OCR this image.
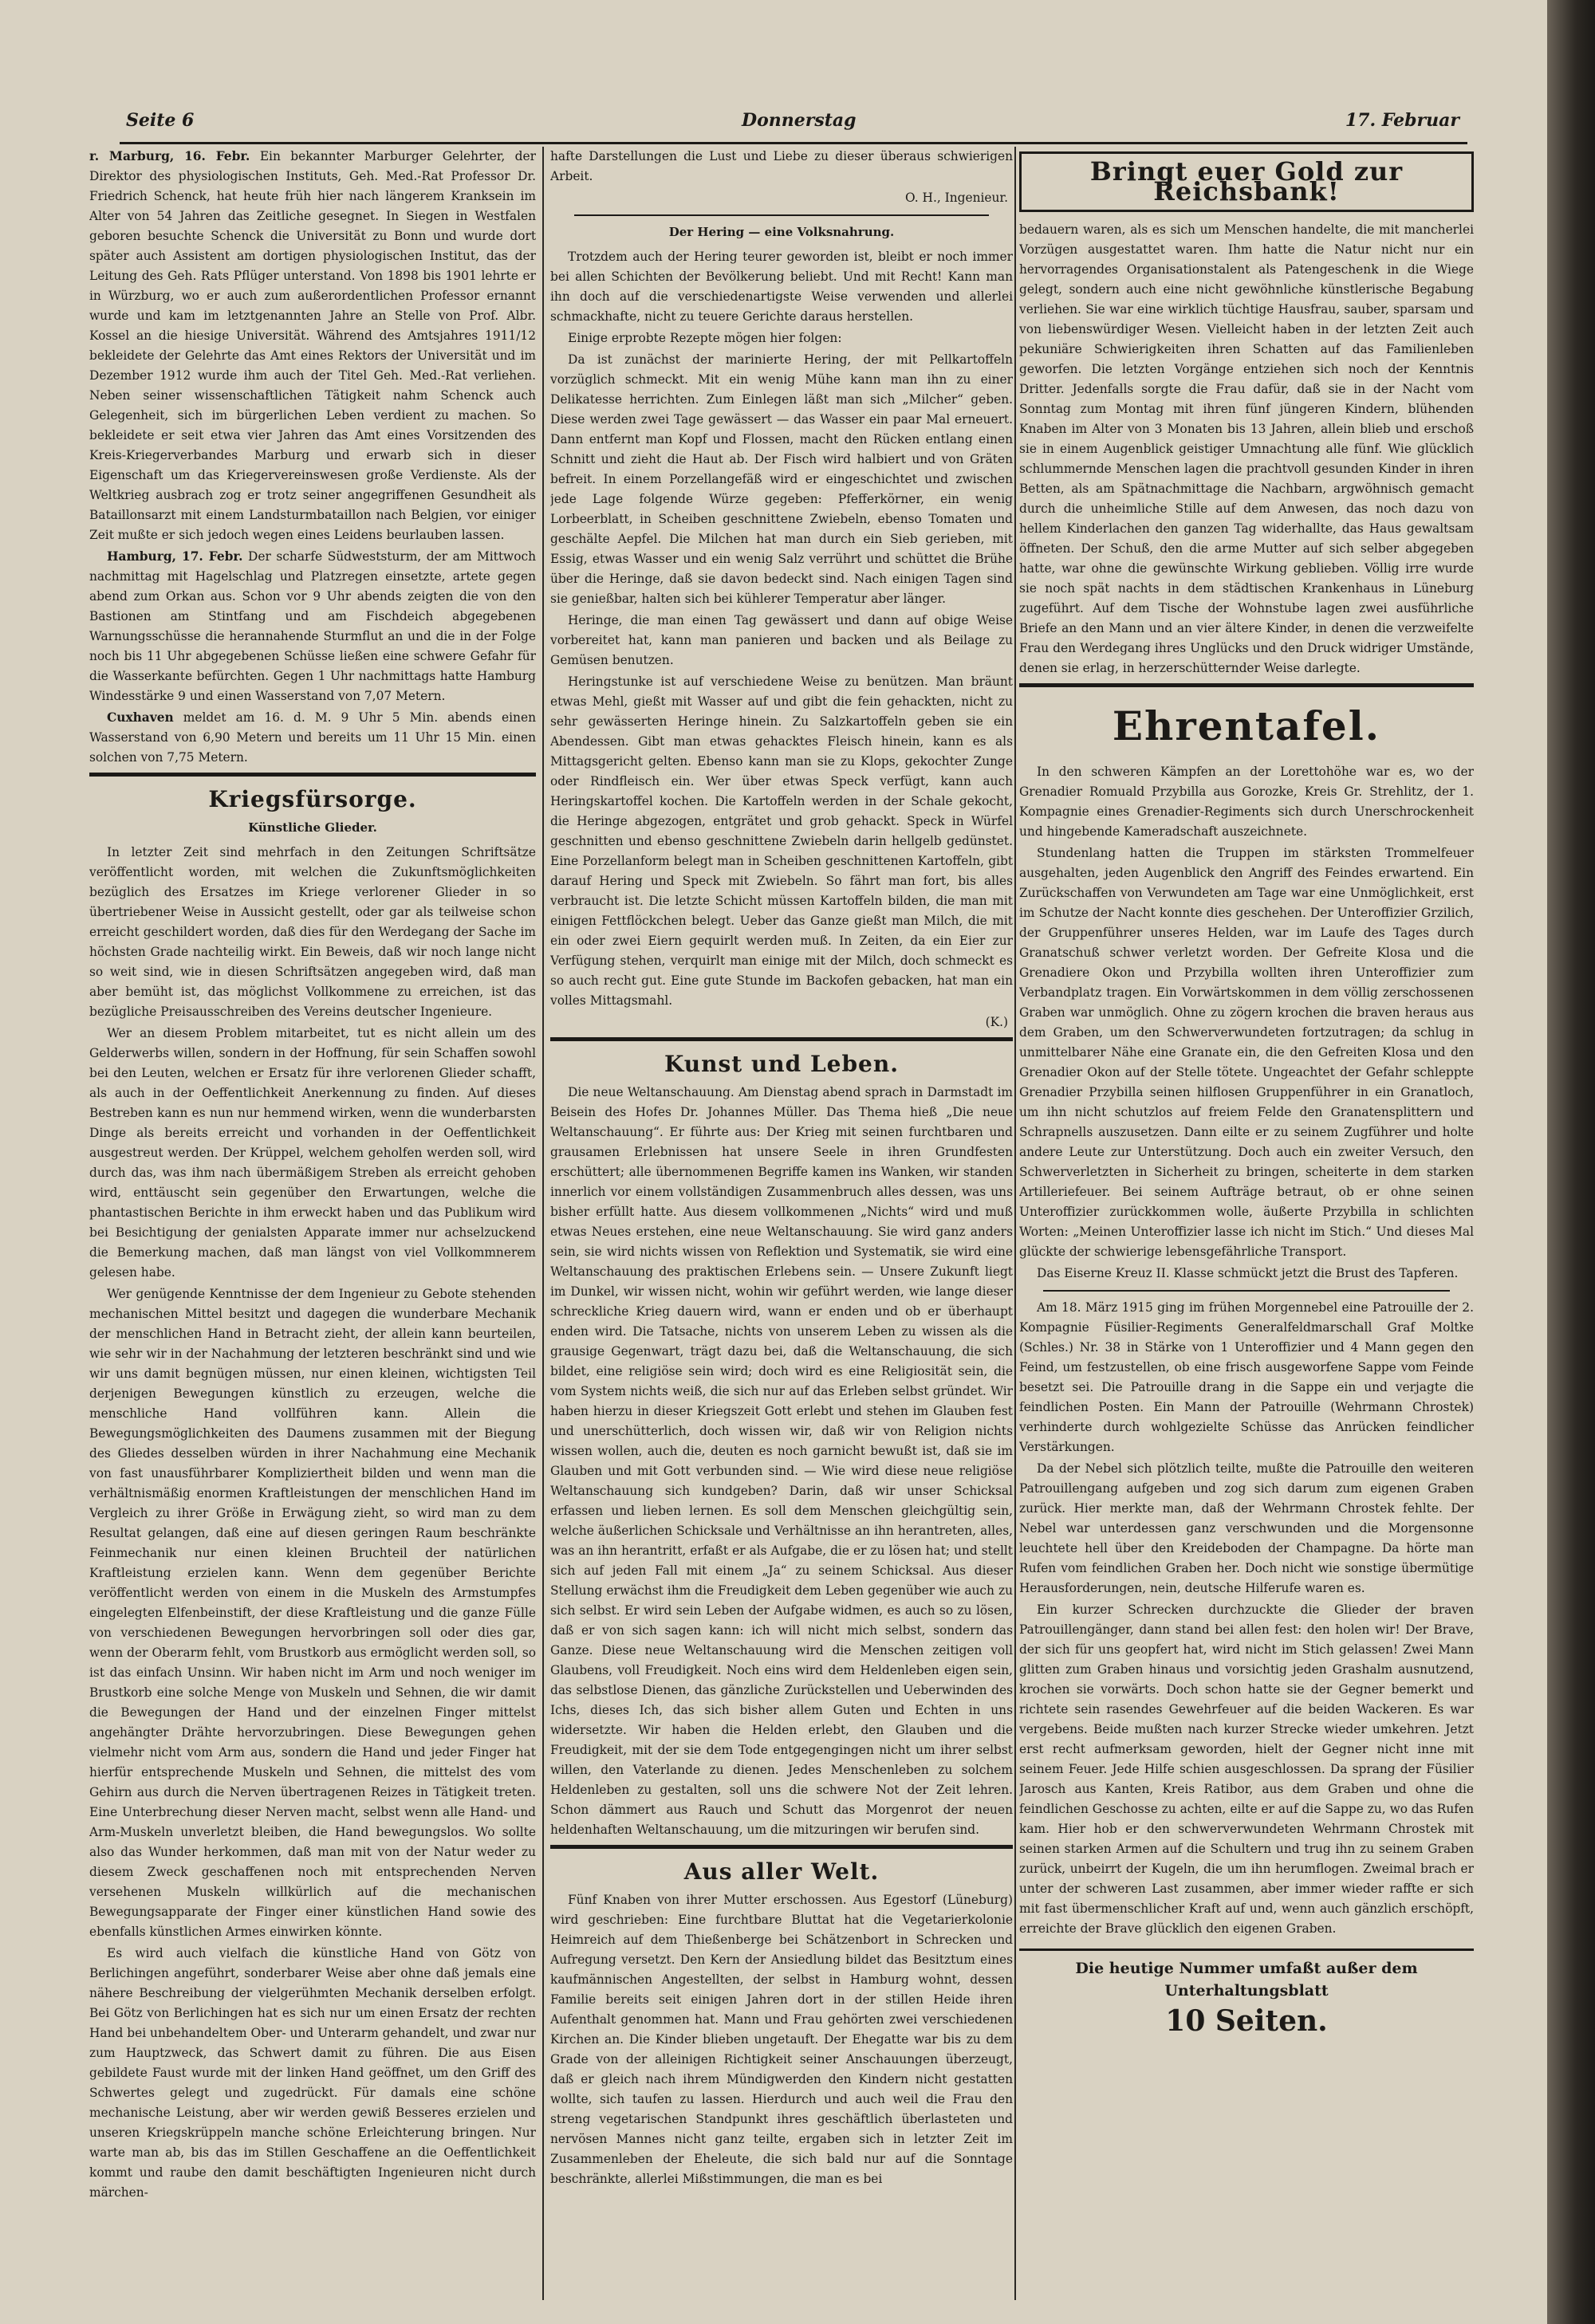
Seite 6	Donnerstag	17. Februar

r. Marburg, 16. Febr. Ein bekannter Marburger Gelehrter, der Direktor des physiologischen Instituts, Geh. Med.-Rat Professor Dr. Friedrich Schenck, hat heute früh hier nach längerem Kranksein im Alter von 54 Jahren das Zeitliche gesegnet. In Siegen in Westfalen geboren besuchte Schenck die Universität zu Bonn und wurde dort später auch Assistent am dortigen physiologischen Institut, das der Leitung des Geh. Rats Pflüger unterstand. Von 1898 bis 1901 lehrte er in Würzburg, wo er auch zum außerordentlichen Professor ernannt wurde und kam im letztgenannten Jahre an Stelle von Prof. Albr. Kossel an die hiesige Universität. Während des Amtsjahres 1911/12 bekleidete der Gelehrte das Amt eines Rektors der Universität und im Dezember 1912 wurde ihm auch der Titel Geh. Med.-Rat verliehen. Neben seiner wissenschaftlichen Tätigkeit nahm Schenck auch Gelegenheit, sich im bürgerlichen Leben verdient zu machen. So bekleidete er seit etwa vier Jahren das Amt eines Vorsitzenden des Kreis-Kriegerverbandes Marburg und erwarb sich in dieser Eigenschaft um das Kriegervereinswesen große Verdienste. Als der Weltkrieg ausbrach zog er trotz seiner angegriffenen Gesundheit als Bataillonsarzt mit einem Landsturmbataillon nach Belgien, vor einiger Zeit mußte er sich jedoch wegen eines Leidens beurlauben lassen.

Hamburg, 17. Febr. Der scharfe Südweststurm, der am Mittwoch nachmittag mit Hagelschlag und Platzregen einsetzte, artete gegen abend zum Orkan aus. Schon vor 9 Uhr abends zeigten die von den Bastionen am Stintfang und am Fischdeich abgegebenen Warnungsschüsse die herannahende Sturmflut an und die in der Folge noch bis 11 Uhr abgegebenen Schüsse ließen eine schwere Gefahr für die Wasserkante befürchten. Gegen 1 Uhr nachmittags hatte Hamburg Windesstärke 9 und einen Wasserstand von 7,07 Metern.

Cuxhaven meldet am 16. d. M. 9 Uhr 5 Min. abends einen Wasserstand von 6,90 Metern und bereits um 11 Uhr 15 Min. einen solchen von 7,75 Metern.

Kriegsfürsorge.
Künstliche Glieder.

In letzter Zeit sind mehrfach in den Zeitungen Schriftsätze veröffentlicht worden, mit welchen die Zukunftsmöglichkeiten bezüglich des Ersatzes im Kriege verlorener Glieder in so übertriebener Weise in Aussicht gestellt, oder gar als teilweise schon erreicht geschildert worden, daß dies für den Werdegang der Sache im höchsten Grade nachteilig wirkt. Ein Beweis, daß wir noch lange nicht so weit sind, wie in diesen Schriftsätzen angegeben wird, daß man aber bemüht ist, das möglichst Vollkommene zu erreichen, ist das bezügliche Preisausschreiben des Vereins deutscher Ingenieure.

Wer an diesem Problem mitarbeitet, tut es nicht allein um des Gelderwerbs willen, sondern in der Hoffnung, für sein Schaffen sowohl bei den Leuten, welchen er Ersatz für ihre verlorenen Glieder schafft, als auch in der Oeffentlichkeit Anerkennung zu finden. Auf dieses Bestreben kann es nun nur hemmend wirken, wenn die wunderbarsten Dinge als bereits erreicht und vorhanden in der Oeffentlichkeit ausgestreut werden. Der Krüppel, welchem geholfen werden soll, wird durch das, was ihm nach übermäßigem Streben als erreicht gehoben wird, enttäuscht sein gegenüber den Erwartungen, welche die phantastischen Berichte in ihm erweckt haben und das Publikum wird bei Besichtigung der genialsten Apparate immer nur achselzuckend die Bemerkung machen, daß man längst von viel Vollkommnerem gelesen habe.

Wer genügende Kenntnisse der dem Ingenieur zu Gebote stehenden mechanischen Mittel besitzt und dagegen die wunderbare Mechanik der menschlichen Hand in Betracht zieht, der allein kann beurteilen, wie sehr wir in der Nachahmung der letzteren beschränkt sind und wie wir uns damit begnügen müssen, nur einen kleinen, wichtigsten Teil derjenigen Bewegungen künstlich zu erzeugen, welche die menschliche Hand vollführen kann. Allein die Bewegungsmöglichkeiten des Daumens zusammen mit der Biegung des Gliedes desselben würden in ihrer Nachahmung eine Mechanik von fast unausführbarer Kompliziertheit bilden und wenn man die verhältnismäßig enormen Kraftleistungen der menschlichen Hand im Vergleich zu ihrer Größe in Erwägung zieht, so wird man zu dem Resultat gelangen, daß eine auf diesen geringen Raum beschränkte Feinmechanik nur einen kleinen Bruchteil der natürlichen Kraftleistung erzielen kann. Wenn dem gegenüber Berichte veröffentlicht werden von einem in die Muskeln des Armstumpfes eingelegten Elfenbeinstift, der diese Kraftleistung und die ganze Fülle von verschiedenen Bewegungen hervorbringen soll oder dies gar, wenn der Oberarm fehlt, vom Brustkorb aus ermöglicht werden soll, so ist das einfach Unsinn. Wir haben nicht im Arm und noch weniger im Brustkorb eine solche Menge von Muskeln und Sehnen, die wir damit die Bewegungen der Hand und der einzelnen Finger mittelst angehängter Drähte hervorzubringen. Diese Bewegungen gehen vielmehr nicht vom Arm aus, sondern die Hand und jeder Finger hat hierfür entsprechende Muskeln und Sehnen, die mittelst des vom Gehirn aus durch die Nerven übertragenen Reizes in Tätigkeit treten. Eine Unterbrechung dieser Nerven macht, selbst wenn alle Hand- und Arm-Muskeln unverletzt bleiben, die Hand bewegungslos. Wo sollte also das Wunder herkommen, daß man mit von der Natur weder zu diesem Zweck geschaffenen noch mit entsprechenden Nerven versehenen Muskeln willkürlich auf die mechanischen Bewegungsapparate der Finger einer künstlichen Hand sowie des ebenfalls künstlichen Armes einwirken könnte.

Es wird auch vielfach die künstliche Hand von Götz von Berlichingen angeführt, sonderbarer Weise aber ohne daß jemals eine nähere Beschreibung der vielgerühmten Mechanik derselben erfolgt. Bei Götz von Berlichingen hat es sich nur um einen Ersatz der rechten Hand bei unbehandeltem Ober- und Unterarm gehandelt, und zwar nur zum Hauptzweck, das Schwert damit zu führen. Die aus Eisen gebildete Faust wurde mit der linken Hand geöffnet, um den Griff des Schwertes gelegt und zugedrückt. Für damals eine schöne mechanische Leistung, aber wir werden gewiß Besseres erzielen und unseren Kriegskrüppeln manche schöne Erleichterung bringen. Nur warte man ab, bis das im Stillen Geschaffene an die Oeffentlichkeit kommt und raube den damit beschäftigten Ingenieuren nicht durch märchen-

hafte Darstellungen die Lust und Liebe zu dieser überaus schwierigen Arbeit.

O. H., Ingenieur.
Der Hering — eine Volksnahrung.

Trotzdem auch der Hering teurer geworden ist, bleibt er noch immer bei allen Schichten der Bevölkerung beliebt. Und mit Recht! Kann man ihn doch auf die verschiedenartigste Weise verwenden und allerlei schmackhafte, nicht zu teuere Gerichte daraus herstellen.

Einige erprobte Rezepte mögen hier folgen:

Da ist zunächst der marinierte Hering, der mit Pellkartoffeln vorzüglich schmeckt. Mit ein wenig Mühe kann man ihn zu einer Delikatesse herrichten. Zum Einlegen läßt man sich „Milcher“ geben. Diese werden zwei Tage gewässert — das Wasser ein paar Mal erneuert. Dann entfernt man Kopf und Flossen, macht den Rücken entlang einen Schnitt und zieht die Haut ab. Der Fisch wird halbiert und von Gräten befreit. In einem Porzellangefäß wird er eingeschichtet und zwischen jede Lage folgende Würze gegeben: Pfefferkörner, ein wenig Lorbeerblatt, in Scheiben geschnittene Zwiebeln, ebenso Tomaten und geschälte Aepfel. Die Milchen hat man durch ein Sieb gerieben, mit Essig, etwas Wasser und ein wenig Salz verrührt und schüttet die Brühe über die Heringe, daß sie davon bedeckt sind. Nach einigen Tagen sind sie genießbar, halten sich bei kühlerer Temperatur aber länger.

Heringe, die man einen Tag gewässert und dann auf obige Weise vorbereitet hat, kann man panieren und backen und als Beilage zu Gemüsen benutzen.

Heringstunke ist auf verschiedene Weise zu benützen. Man bräunt etwas Mehl, gießt mit Wasser auf und gibt die fein gehackten, nicht zu sehr gewässerten Heringe hinein. Zu Salzkartoffeln geben sie ein Abendessen. Gibt man etwas gehacktes Fleisch hinein, kann es als Mittagsgericht gelten. Ebenso kann man sie zu Klops, gekochter Zunge oder Rindfleisch ein. Wer über etwas Speck verfügt, kann auch Heringskartoffel kochen. Die Kartoffeln werden in der Schale gekocht, die Heringe abgezogen, entgrätet und grob gehackt. Speck in Würfel geschnitten und ebenso geschnittene Zwiebeln darin hellgelb gedünstet. Eine Porzellanform belegt man in Scheiben geschnittenen Kartoffeln, gibt darauf Hering und Speck mit Zwiebeln. So fährt man fort, bis alles verbraucht ist. Die letzte Schicht müssen Kartoffeln bilden, die man mit einigen Fettflöckchen belegt. Ueber das Ganze gießt man Milch, die mit ein oder zwei Eiern gequirlt werden muß. In Zeiten, da ein Eier zur Verfügung stehen, verquirlt man einige mit der Milch, doch schmeckt es so auch recht gut. Eine gute Stunde im Backofen gebacken, hat man ein volles Mittagsmahl.

(K.)
Kunst und Leben.

Die neue Weltanschauung. Am Dienstag abend sprach in Darmstadt im Beisein des Hofes Dr. Johannes Müller. Das Thema hieß „Die neue Weltanschauung“. Er führte aus: Der Krieg mit seinen furchtbaren und grausamen Erlebnissen hat unsere Seele in ihren Grundfesten erschüttert; alle übernommenen Begriffe kamen ins Wanken, wir standen innerlich vor einem vollständigen Zusammenbruch alles dessen, was uns bisher erfüllt hatte. Aus diesem vollkommenen „Nichts“ wird und muß etwas Neues erstehen, eine neue Weltanschauung. Sie wird ganz anders sein, sie wird nichts wissen von Reflektion und Systematik, sie wird eine Weltanschauung des praktischen Erlebens sein. — Unsere Zukunft liegt im Dunkel, wir wissen nicht, wohin wir geführt werden, wie lange dieser schreckliche Krieg dauern wird, wann er enden und ob er überhaupt enden wird. Die Tatsache, nichts von unserem Leben zu wissen als die grausige Gegenwart, trägt dazu bei, daß die Weltanschauung, die sich bildet, eine religiöse sein wird; doch wird es eine Religiosität sein, die vom System nichts weiß, die sich nur auf das Erleben selbst gründet. Wir haben hierzu in dieser Kriegszeit Gott erlebt und stehen im Glauben fest und unerschütterlich, doch wissen wir, daß wir von Religion nichts wissen wollen, auch die, deuten es noch garnicht bewußt ist, daß sie im Glauben und mit Gott verbunden sind. — Wie wird diese neue religiöse Weltanschauung sich kundgeben? Darin, daß wir unser Schicksal erfassen und lieben lernen. Es soll dem Menschen gleichgültig sein, welche äußerlichen Schicksale und Verhältnisse an ihn herantreten, alles, was an ihn herantritt, erfaßt er als Aufgabe, die er zu lösen hat; und stellt sich auf jeden Fall mit einem „Ja“ zu seinem Schicksal. Aus dieser Stellung erwächst ihm die Freudigkeit dem Leben gegenüber wie auch zu sich selbst. Er wird sein Leben der Aufgabe widmen, es auch so zu lösen, daß er von sich sagen kann: ich will nicht mich selbst, sondern das Ganze. Diese neue Weltanschauung wird die Menschen zeitigen voll Glaubens, voll Freudigkeit. Noch eins wird dem Heldenleben eigen sein, das selbstlose Dienen, das gänzliche Zurückstellen und Ueberwinden des Ichs, dieses Ich, das sich bisher allem Guten und Echten in uns widersetzte. Wir haben die Helden erlebt, den Glauben und die Freudigkeit, mit der sie dem Tode entgegengingen nicht um ihrer selbst willen, den Vaterlande zu dienen. Jedes Menschenleben zu solchem Heldenleben zu gestalten, soll uns die schwere Not der Zeit lehren. Schon dämmert aus Rauch und Schutt das Morgenrot der neuen heldenhaften Weltanschauung, um die mitzuringen wir berufen sind.

Aus aller Welt.

Fünf Knaben von ihrer Mutter erschossen. Aus Egestorf (Lüneburg) wird geschrieben: Eine furchtbare Bluttat hat die Vegetarierkolonie Heimreich auf dem Thießenberge bei Schätzenbort in Schrecken und Aufregung versetzt. Den Kern der Ansiedlung bildet das Besitztum eines kaufmännischen Angestellten, der selbst in Hamburg wohnt, dessen Familie bereits seit einigen Jahren dort in der stillen Heide ihren Aufenthalt genommen hat. Mann und Frau gehörten zwei verschiedenen Kirchen an. Die Kinder blieben ungetauft. Der Ehegatte war bis zu dem Grade von der alleinigen Richtigkeit seiner Anschauungen überzeugt, daß er gleich nach ihrem Mündigwerden den Kindern nicht gestatten wollte, sich taufen zu lassen. Hierdurch und auch weil die Frau den streng vegetarischen Standpunkt ihres geschäftlich überlasteten und nervösen Mannes nicht ganz teilte, ergaben sich in letzter Zeit im Zusammenleben der Eheleute, die sich bald nur auf die Sonntage beschränkte, allerlei Mißstimmungen, die man es bei

Bringt euer Gold zur Reichsbank!

bedauern waren, als es sich um Menschen handelte, die mit mancherlei Vorzügen ausgestattet waren. Ihm hatte die Natur nicht nur ein hervorragendes Organisationstalent als Patengeschenk in die Wiege gelegt, sondern auch eine nicht gewöhnliche künstlerische Begabung verliehen. Sie war eine wirklich tüchtige Hausfrau, sauber, sparsam und von liebenswürdiger Wesen. Vielleicht haben in der letzten Zeit auch pekuniäre Schwierigkeiten ihren Schatten auf das Familienleben geworfen. Die letzten Vorgänge entziehen sich noch der Kenntnis Dritter. Jedenfalls sorgte die Frau dafür, daß sie in der Nacht vom Sonntag zum Montag mit ihren fünf jüngeren Kindern, blühenden Knaben im Alter von 3 Monaten bis 13 Jahren, allein blieb und erschoß sie in einem Augenblick geistiger Umnachtung alle fünf. Wie glücklich schlummernde Menschen lagen die prachtvoll gesunden Kinder in ihren Betten, als am Spätnachmittage die Nachbarn, argwöhnisch gemacht durch die unheimliche Stille auf dem Anwesen, das noch dazu von hellem Kinderlachen den ganzen Tag widerhallte, das Haus gewaltsam öffneten. Der Schuß, den die arme Mutter auf sich selber abgegeben hatte, war ohne die gewünschte Wirkung geblieben. Völlig irre wurde sie noch spät nachts in dem städtischen Krankenhaus in Lüneburg zugeführt. Auf dem Tische der Wohnstube lagen zwei ausführliche Briefe an den Mann und an vier ältere Kinder, in denen die verzweifelte Frau den Werdegang ihres Unglücks und den Druck widriger Umstände, denen sie erlag, in herzerschütternder Weise darlegte.

Ehrentafel.

In den schweren Kämpfen an der Lorettohöhe war es, wo der Grenadier Romuald Przybilla aus Gorozke, Kreis Gr. Strehlitz, der 1. Kompagnie eines Grenadier-Regiments sich durch Unerschrockenheit und hingebende Kameradschaft auszeichnete.

Stundenlang hatten die Truppen im stärksten Trommelfeuer ausgehalten, jeden Augenblick den Angriff des Feindes erwartend. Ein Zurückschaffen von Verwundeten am Tage war eine Unmöglichkeit, erst im Schutze der Nacht konnte dies geschehen. Der Unteroffizier Grzilich, der Gruppenführer unseres Helden, war im Laufe des Tages durch Granatschuß schwer verletzt worden. Der Gefreite Klosa und die Grenadiere Okon und Przybilla wollten ihren Unteroffizier zum Verbandplatz tragen. Ein Vorwärtskommen in dem völlig zerschossenen Graben war unmöglich. Ohne zu zögern krochen die braven heraus aus dem Graben, um den Schwerverwundeten fortzutragen; da schlug in unmittelbarer Nähe eine Granate ein, die den Gefreiten Klosa und den Grenadier Okon auf der Stelle tötete. Ungeachtet der Gefahr schleppte Grenadier Przybilla seinen hilflosen Gruppenführer in ein Granatloch, um ihn nicht schutzlos auf freiem Felde den Granatensplittern und Schrapnells auszusetzen. Dann eilte er zu seinem Zugführer und holte andere Leute zur Unterstützung. Doch auch ein zweiter Versuch, den Schwerverletzten in Sicherheit zu bringen, scheiterte in dem starken Artilleriefeuer. Bei seinem Aufträge betraut, ob er ohne seinen Unteroffizier zurückkommen wolle, äußerte Przybilla in schlichten Worten: „Meinen Unteroffizier lasse ich nicht im Stich.“ Und dieses Mal glückte der schwierige lebensgefährliche Transport.

Das Eiserne Kreuz II. Klasse schmückt jetzt die Brust des Tapferen.

Am 18. März 1915 ging im frühen Morgennebel eine Patrouille der 2. Kompagnie Füsilier-Regiments Generalfeldmarschall Graf Moltke (Schles.) Nr. 38 in Stärke von 1 Unteroffizier und 4 Mann gegen den Feind, um festzustellen, ob eine frisch ausgeworfene Sappe vom Feinde besetzt sei. Die Patrouille drang in die Sappe ein und verjagte die feindlichen Posten. Ein Mann der Patrouille (Wehrmann Chrostek) verhinderte durch wohlgezielte Schüsse das Anrücken feindlicher Verstärkungen.

Da der Nebel sich plötzlich teilte, mußte die Patrouille den weiteren Patrouillengang aufgeben und zog sich darum zum eigenen Graben zurück. Hier merkte man, daß der Wehrmann Chrostek fehlte. Der Nebel war unterdessen ganz verschwunden und die Morgensonne leuchtete hell über den Kreideboden der Champagne. Da hörte man Rufen vom feindlichen Graben her. Doch nicht wie sonstige übermütige Herausforderungen, nein, deutsche Hilferufe waren es.

Ein kurzer Schrecken durchzuckte die Glieder der braven Patrouillengänger, dann stand bei allen fest: den holen wir! Der Brave, der sich für uns geopfert hat, wird nicht im Stich gelassen! Zwei Mann glitten zum Graben hinaus und vorsichtig jeden Grashalm ausnutzend, krochen sie vorwärts. Doch schon hatte sie der Gegner bemerkt und richtete sein rasendes Gewehrfeuer auf die beiden Wackeren. Es war vergebens. Beide mußten nach kurzer Strecke wieder umkehren. Jetzt erst recht aufmerksam geworden, hielt der Gegner nicht inne mit seinem Feuer. Jede Hilfe schien ausgeschlossen. Da sprang der Füsilier Jarosch aus Kanten, Kreis Ratibor, aus dem Graben und ohne die feindlichen Geschosse zu achten, eilte er auf die Sappe zu, wo das Rufen kam. Hier hob er den schwerverwundeten Wehrmann Chrostek mit seinen starken Armen auf die Schultern und trug ihn zu seinem Graben zurück, unbeirrt der Kugeln, die um ihn herumflogen. Zweimal brach er unter der schweren Last zusammen, aber immer wieder raffte er sich mit fast übermenschlicher Kraft auf und, wenn auch gänzlich erschöpft, erreichte der Brave glücklich den eigenen Graben.

Die heutige Nummer umfaßt außer dem Unterhaltungsblatt
10 Seiten.
